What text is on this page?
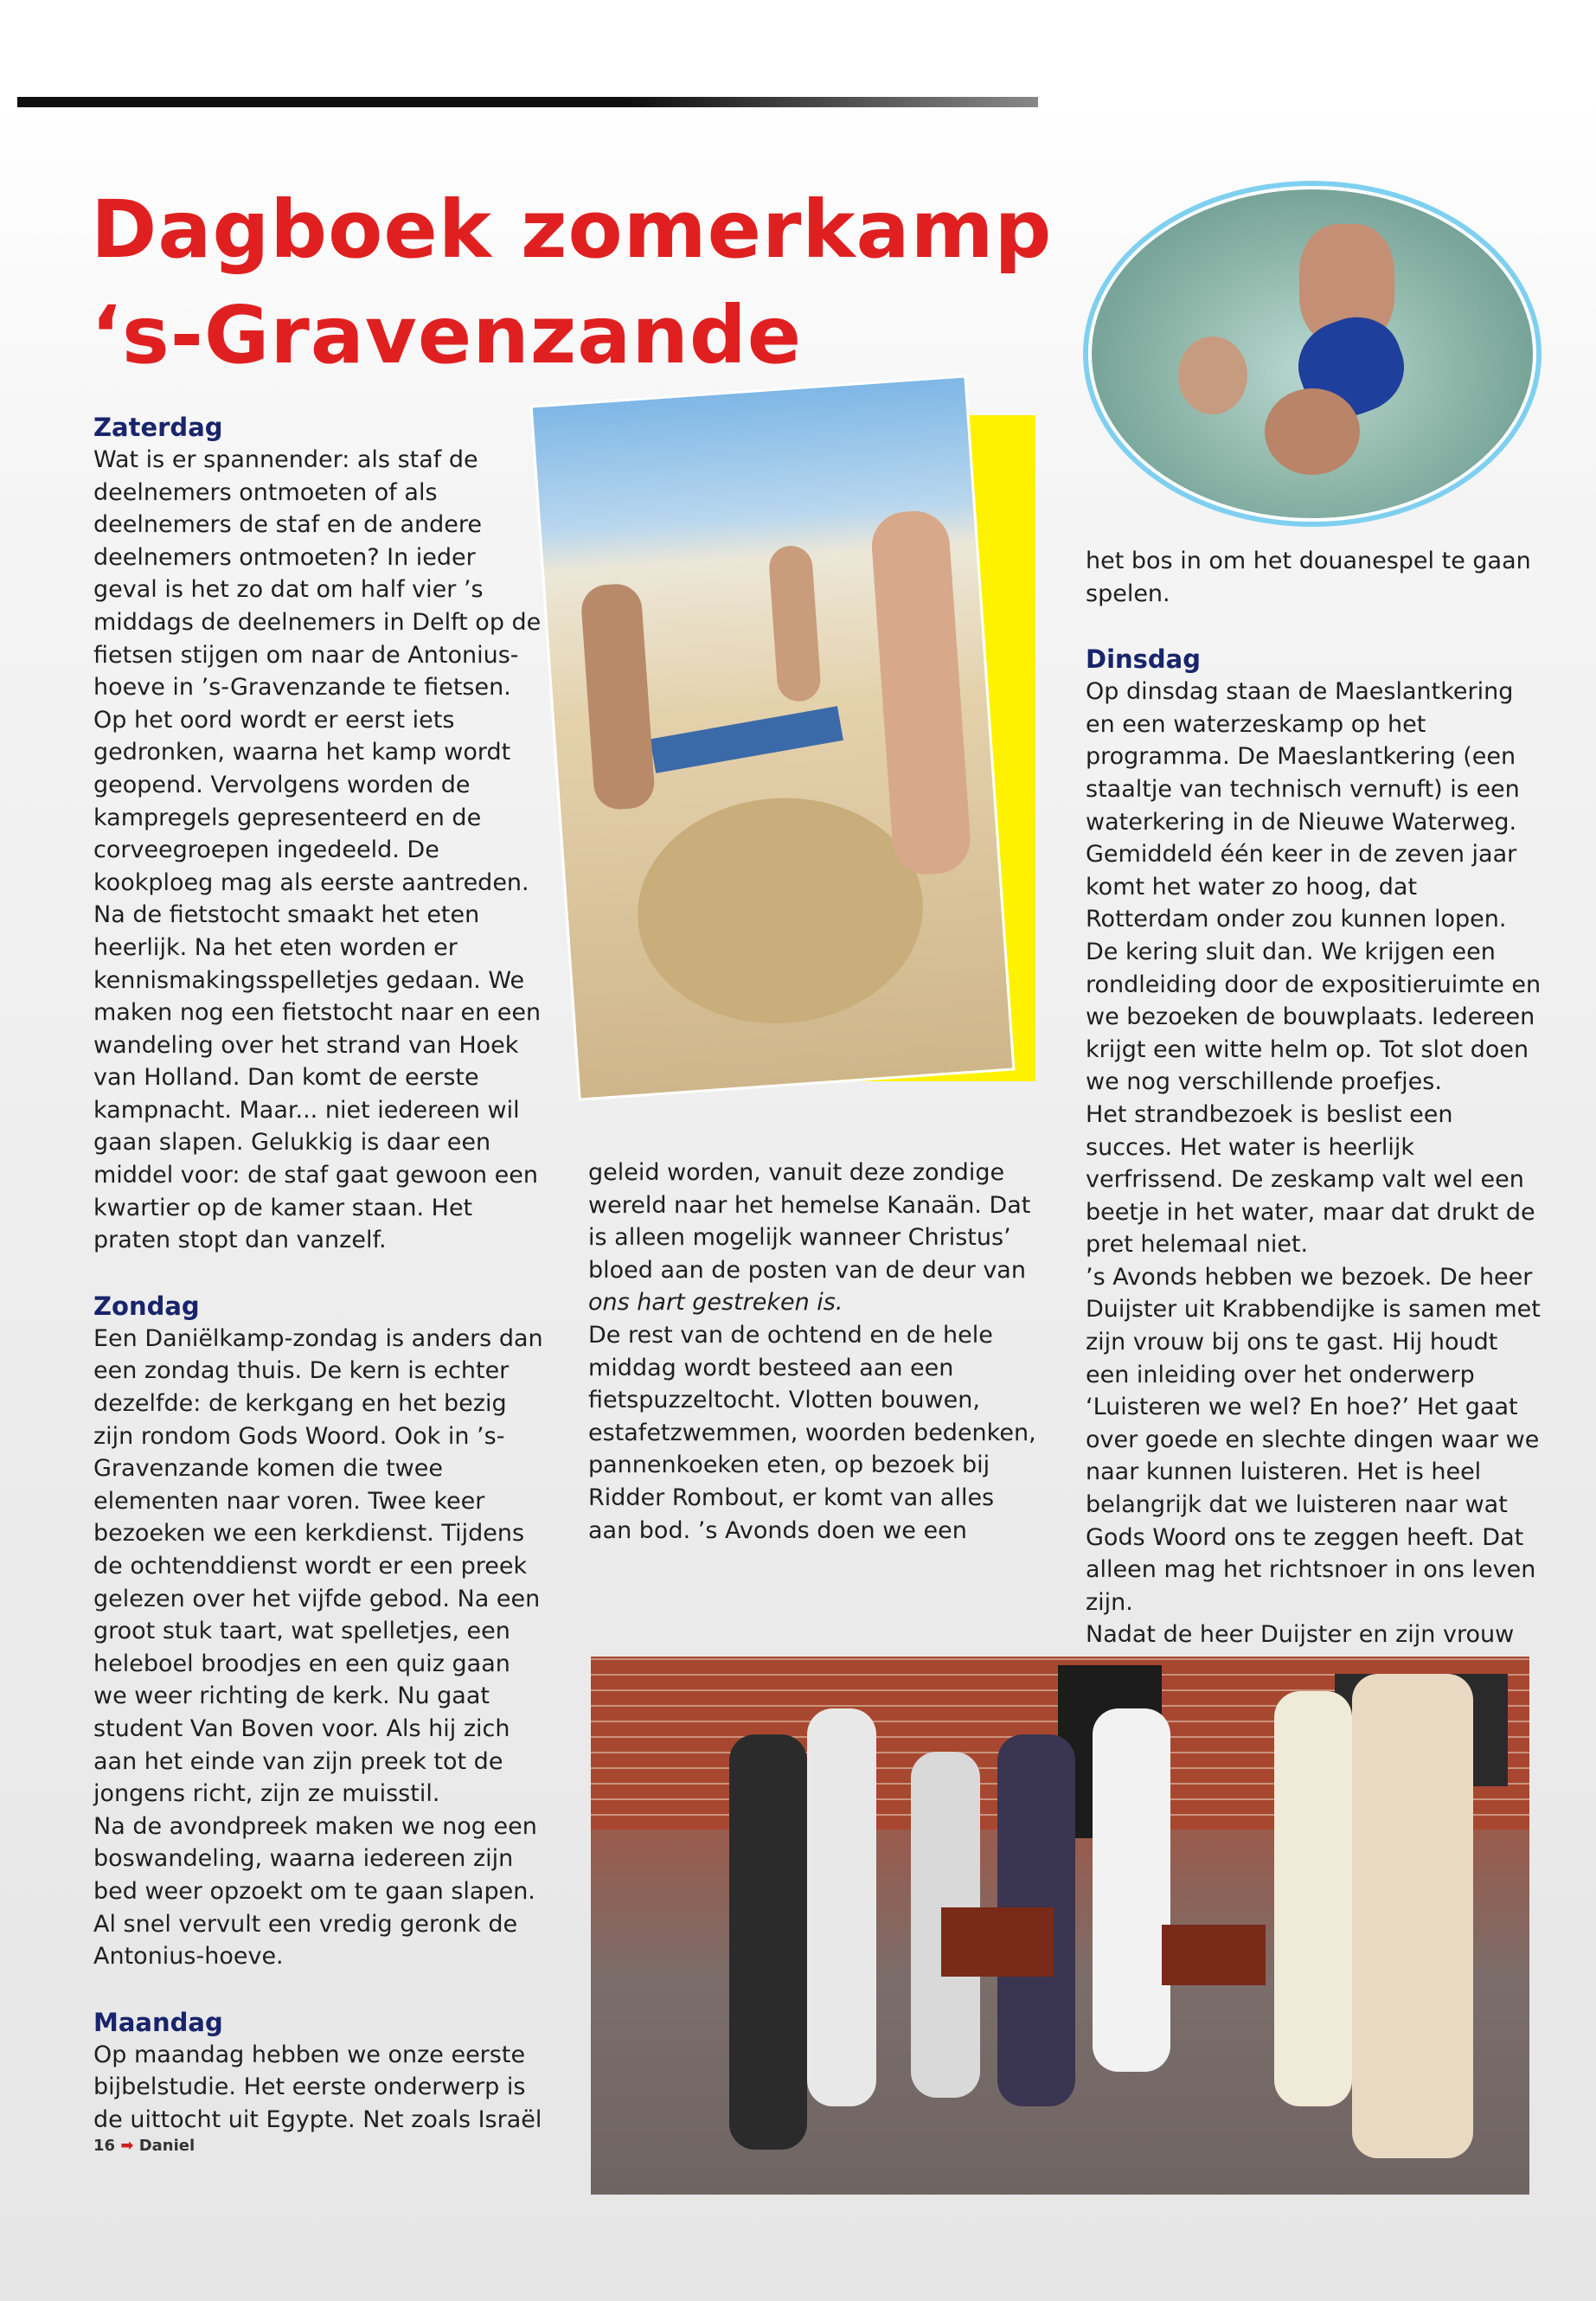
Dagboek zomerkamp
‘s-Gravenzande
Zaterdag

Wat is er spannender: als staf de deelnemers ontmoeten of als deelnemers de staf en de andere deelnemers ontmoeten? In ieder geval is het zo dat om half vier ’s middags de deelnemers in Delft op de fietsen stijgen om naar de Antonius-hoeve in ’s-Gravenzande te fietsen.

Op het oord wordt er eerst iets gedronken, waarna het kamp wordt geopend. Vervolgens worden de kampregels gepresenteerd en de corveegroepen ingedeeld. De kookploeg mag als eerste aantreden. Na de fietstocht smaakt het eten heerlijk. Na het eten worden er kennismakingsspelletjes gedaan. We maken nog een fietstocht naar en een wandeling over het strand van Hoek van Holland. Dan komt de eerste kampnacht. Maar... niet iedereen wil gaan slapen. Gelukkig is daar een middel voor: de staf gaat gewoon een kwartier op de kamer staan. Het praten stopt dan vanzelf.

Zondag

Een Daniëlkamp-zondag is anders dan een zondag thuis. De kern is echter dezelfde: de kerkgang en het bezig zijn rondom Gods Woord. Ook in ’s-Gravenzande komen die twee elementen naar voren. Twee keer bezoeken we een kerkdienst. Tijdens de ochtenddienst wordt er een preek gelezen over het vijfde gebod. Na een groot stuk taart, wat spelletjes, een heleboel broodjes en een quiz gaan we weer richting de kerk. Nu gaat student Van Boven voor. Als hij zich aan het einde van zijn preek tot de jongens richt, zijn ze muisstil.

Na de avondpreek maken we nog een boswandeling, waarna iedereen zijn bed weer opzoekt om te gaan slapen. Al snel vervult een vredig geronk de Antonius-hoeve.

Maandag

Op maandag hebben we onze eerste bijbelstudie. Het eerste onderwerp is de uittocht uit Egypte. Net zoals Israël

geleid worden, vanuit deze zondige wereld naar het hemelse Kanaän. Dat is alleen mogelijk wanneer Christus’ bloed aan de posten van de deur van ons hart gestreken is.

De rest van de ochtend en de hele middag wordt besteed aan een fietspuzzeltocht. Vlotten bouwen, estafetzwemmen, woorden bedenken, pannenkoeken eten, op bezoek bij Ridder Rombout, er komt van alles aan bod. ’s Avonds doen we een

het bos in om het douanespel te gaan spelen.

Dinsdag

Op dinsdag staan de Maeslantkering en een waterzeskamp op het programma. De Maeslantkering (een staaltje van technisch vernuft) is een waterkering in de Nieuwe Waterweg. Gemiddeld één keer in de zeven jaar komt het water zo hoog, dat Rotterdam onder zou kunnen lopen. De kering sluit dan. We krijgen een rondleiding door de expositieruimte en we bezoeken de bouwplaats. Iedereen krijgt een witte helm op. Tot slot doen we nog verschillende proefjes.

Het strandbezoek is beslist een succes. Het water is heerlijk verfrissend. De zeskamp valt wel een beetje in het water, maar dat drukt de pret helemaal niet.

’s Avonds hebben we bezoek. De heer Duijster uit Krabbendijke is samen met zijn vrouw bij ons te gast. Hij houdt een inleiding over het onderwerp ‘Luisteren we wel? En hoe?’ Het gaat over goede en slechte dingen waar we naar kunnen luisteren. Het is heel belangrijk dat we luisteren naar wat Gods Woord ons te zeggen heeft. Dat alleen mag het richtsnoer in ons leven zijn.

Nadat de heer Duijster en zijn vrouw

16 ➡ Daniel
